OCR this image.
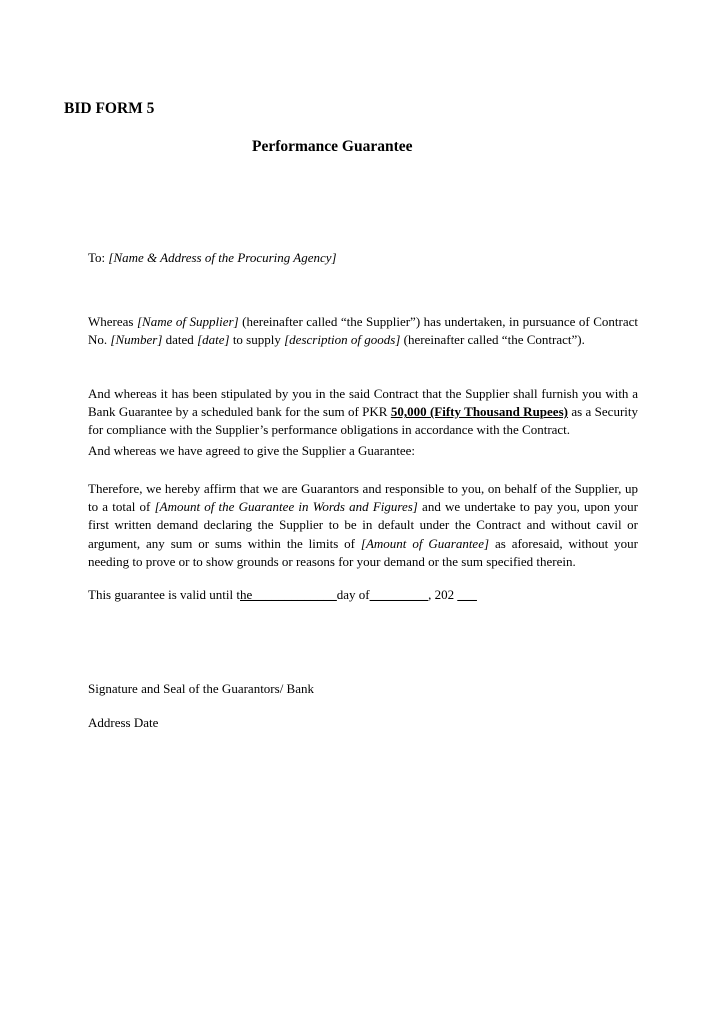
BID FORM 5
Performance Guarantee
To: [Name & Address of the Procuring Agency]
Whereas [Name of Supplier] (hereinafter called “the Supplier”) has undertaken, in pursuance of Contract No. [Number] dated [date] to supply [description of goods] (hereinafter called “the Contract”).
And whereas it has been stipulated by you in the said Contract that the Supplier shall furnish you with a Bank Guarantee by a scheduled bank for the sum of PKR 50,000 (Fifty Thousand Rupees) as a Security for compliance with the Supplier’s performance obligations in accordance with the Contract.
And whereas we have agreed to give the Supplier a Guarantee:
Therefore, we hereby affirm that we are Guarantors and responsible to you, on behalf of the Supplier, up to a total of [Amount of the Guarantee in Words and Figures] and we undertake to pay you, upon your first written demand declaring the Supplier to be in default under the Contract and without cavil or argument, any sum or sums within the limits of [Amount of Guarantee] as aforesaid, without your needing to prove or to show grounds or reasons for your demand or the sum specified therein.
This guarantee is valid until the_____________day of_________, 202 ___
Signature and Seal of the Guarantors/ Bank
Address Date
